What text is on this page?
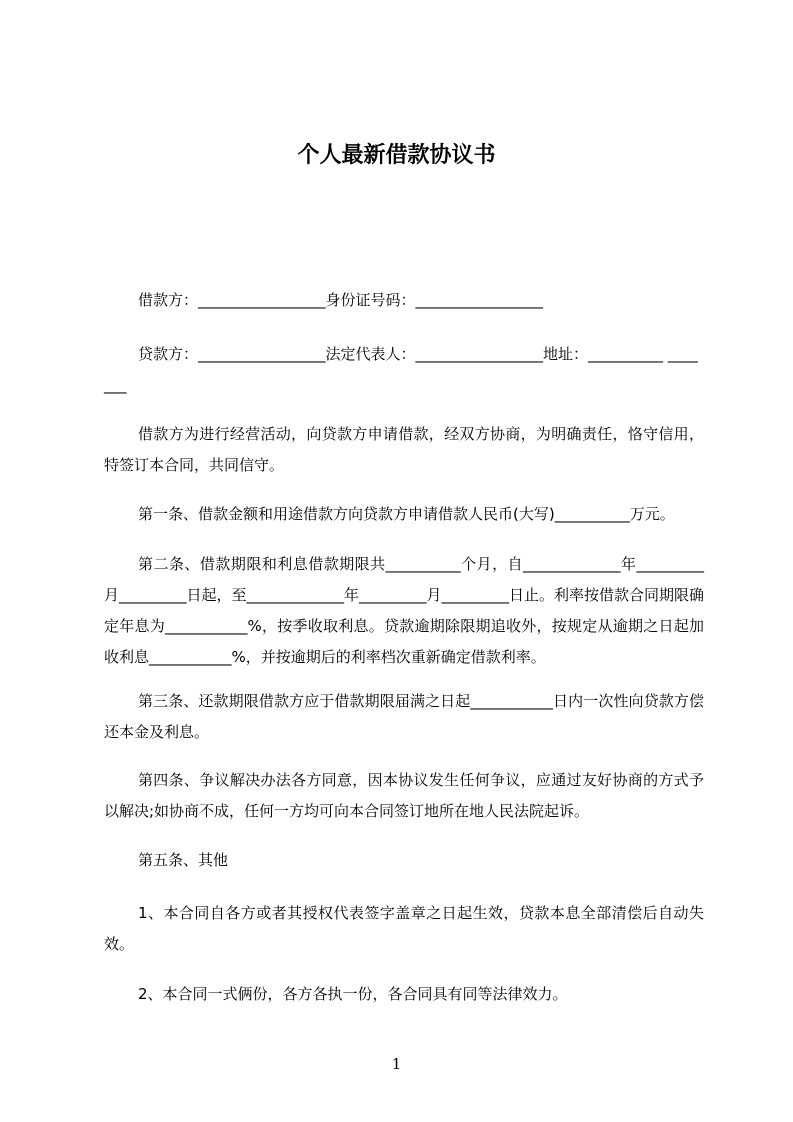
个人最新借款协议书

借款方：_________________身份证号码：_________________

贷款方：_________________法定代表人：_________________地址：__________ _______

借款方为进行经营活动，向贷款方申请借款，经双方协商，为明确责任，恪守信用，特签订本合同，共同信守。

第一条、借款金额和用途借款方向贷款方申请借款人民币(大写)__________万元。

第二条、借款期限和利息借款期限共__________个月，自_____________年_________月_________日起，至_____________年_________月_________日止。利率按借款合同期限确定年息为___________%，按季收取利息。贷款逾期除限期追收外，按规定从逾期之日起加收利息___________%，并按逾期后的利率档次重新确定借款利率。

第三条、还款期限借款方应于借款期限届满之日起___________日内一次性向贷款方偿还本金及利息。

第四条、争议解决办法各方同意，因本协议发生任何争议，应通过友好协商的方式予以解决;如协商不成，任何一方均可向本合同签订地所在地人民法院起诉。

第五条、其他

1、本合同自各方或者其授权代表签字盖章之日起生效，贷款本息全部清偿后自动失效。

2、本合同一式俩份，各方各执一份，各合同具有同等法律效力。

1
